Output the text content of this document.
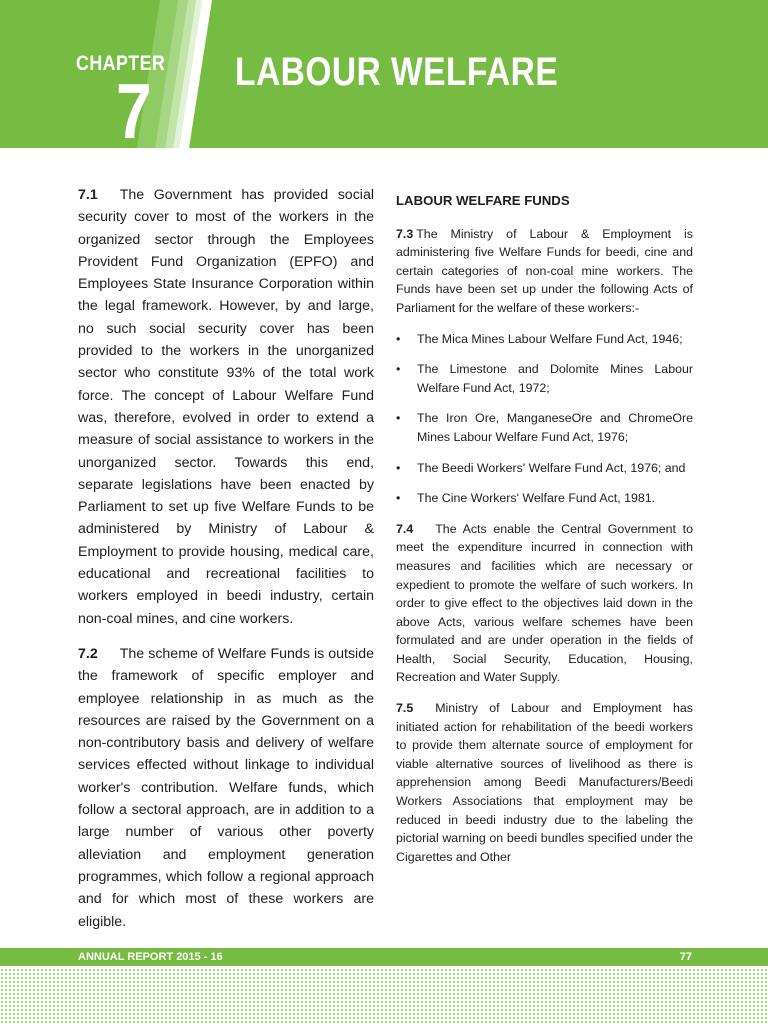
CHAPTER
7 LABOUR WELFARE

7.1 The Government has provided social security cover to most of the workers in the organized sector through the Employees Provident Fund Organization (EPFO) and Employees State Insurance Corporation within the legal framework. However, by and large, no such social security cover has been provided to the workers in the unorganized sector who constitute 93% of the total work force. The concept of Labour Welfare Fund was, therefore, evolved in order to extend a measure of social assistance to workers in the unorganized sector. Towards this end, separate legislations have been enacted by Parliament to set up five Welfare Funds to be administered by Ministry of Labour & Employment to provide housing, medical care, educational and recreational facilities to workers employed in beedi industry, certain non-coal mines, and cine workers.

7.2 The scheme of Welfare Funds is outside the framework of specific employer and employee relationship in as much as the resources are raised by the Government on a non-contributory basis and delivery of welfare services effected without linkage to individual worker's contribution. Welfare funds, which follow a sectoral approach, are in addition to a large number of various other poverty alleviation and employment generation programmes, which follow a regional approach and for which most of these workers are eligible.

LABOUR WELFARE FUNDS

7.3 The Ministry of Labour & Employment is administering five Welfare Funds for beedi, cine and certain categories of non-coal mine workers. The Funds have been set up under the following Acts of Parliament for the welfare of these workers:-

• The Mica Mines Labour Welfare Fund Act, 1946;
• The Limestone and Dolomite Mines Labour Welfare Fund Act, 1972;
• The Iron Ore, ManganeseOre and ChromeOre Mines Labour Welfare Fund Act, 1976;
• The Beedi Workers' Welfare Fund Act, 1976; and
• The Cine Workers' Welfare Fund Act, 1981.

7.4 The Acts enable the Central Government to meet the expenditure incurred in connection with measures and facilities which are necessary or expedient to promote the welfare of such workers. In order to give effect to the objectives laid down in the above Acts, various welfare schemes have been formulated and are under operation in the fields of Health, Social Security, Education, Housing, Recreation and Water Supply.

7.5 Ministry of Labour and Employment has initiated action for rehabilitation of the beedi workers to provide them alternate source of employment for viable alternative sources of livelihood as there is apprehension among Beedi Manufacturers/Beedi Workers Associations that employment may be reduced in beedi industry due to the labeling the pictorial warning on beedi bundles specified under the Cigarettes and Other

ANNUAL REPORT 2015 - 16	77
